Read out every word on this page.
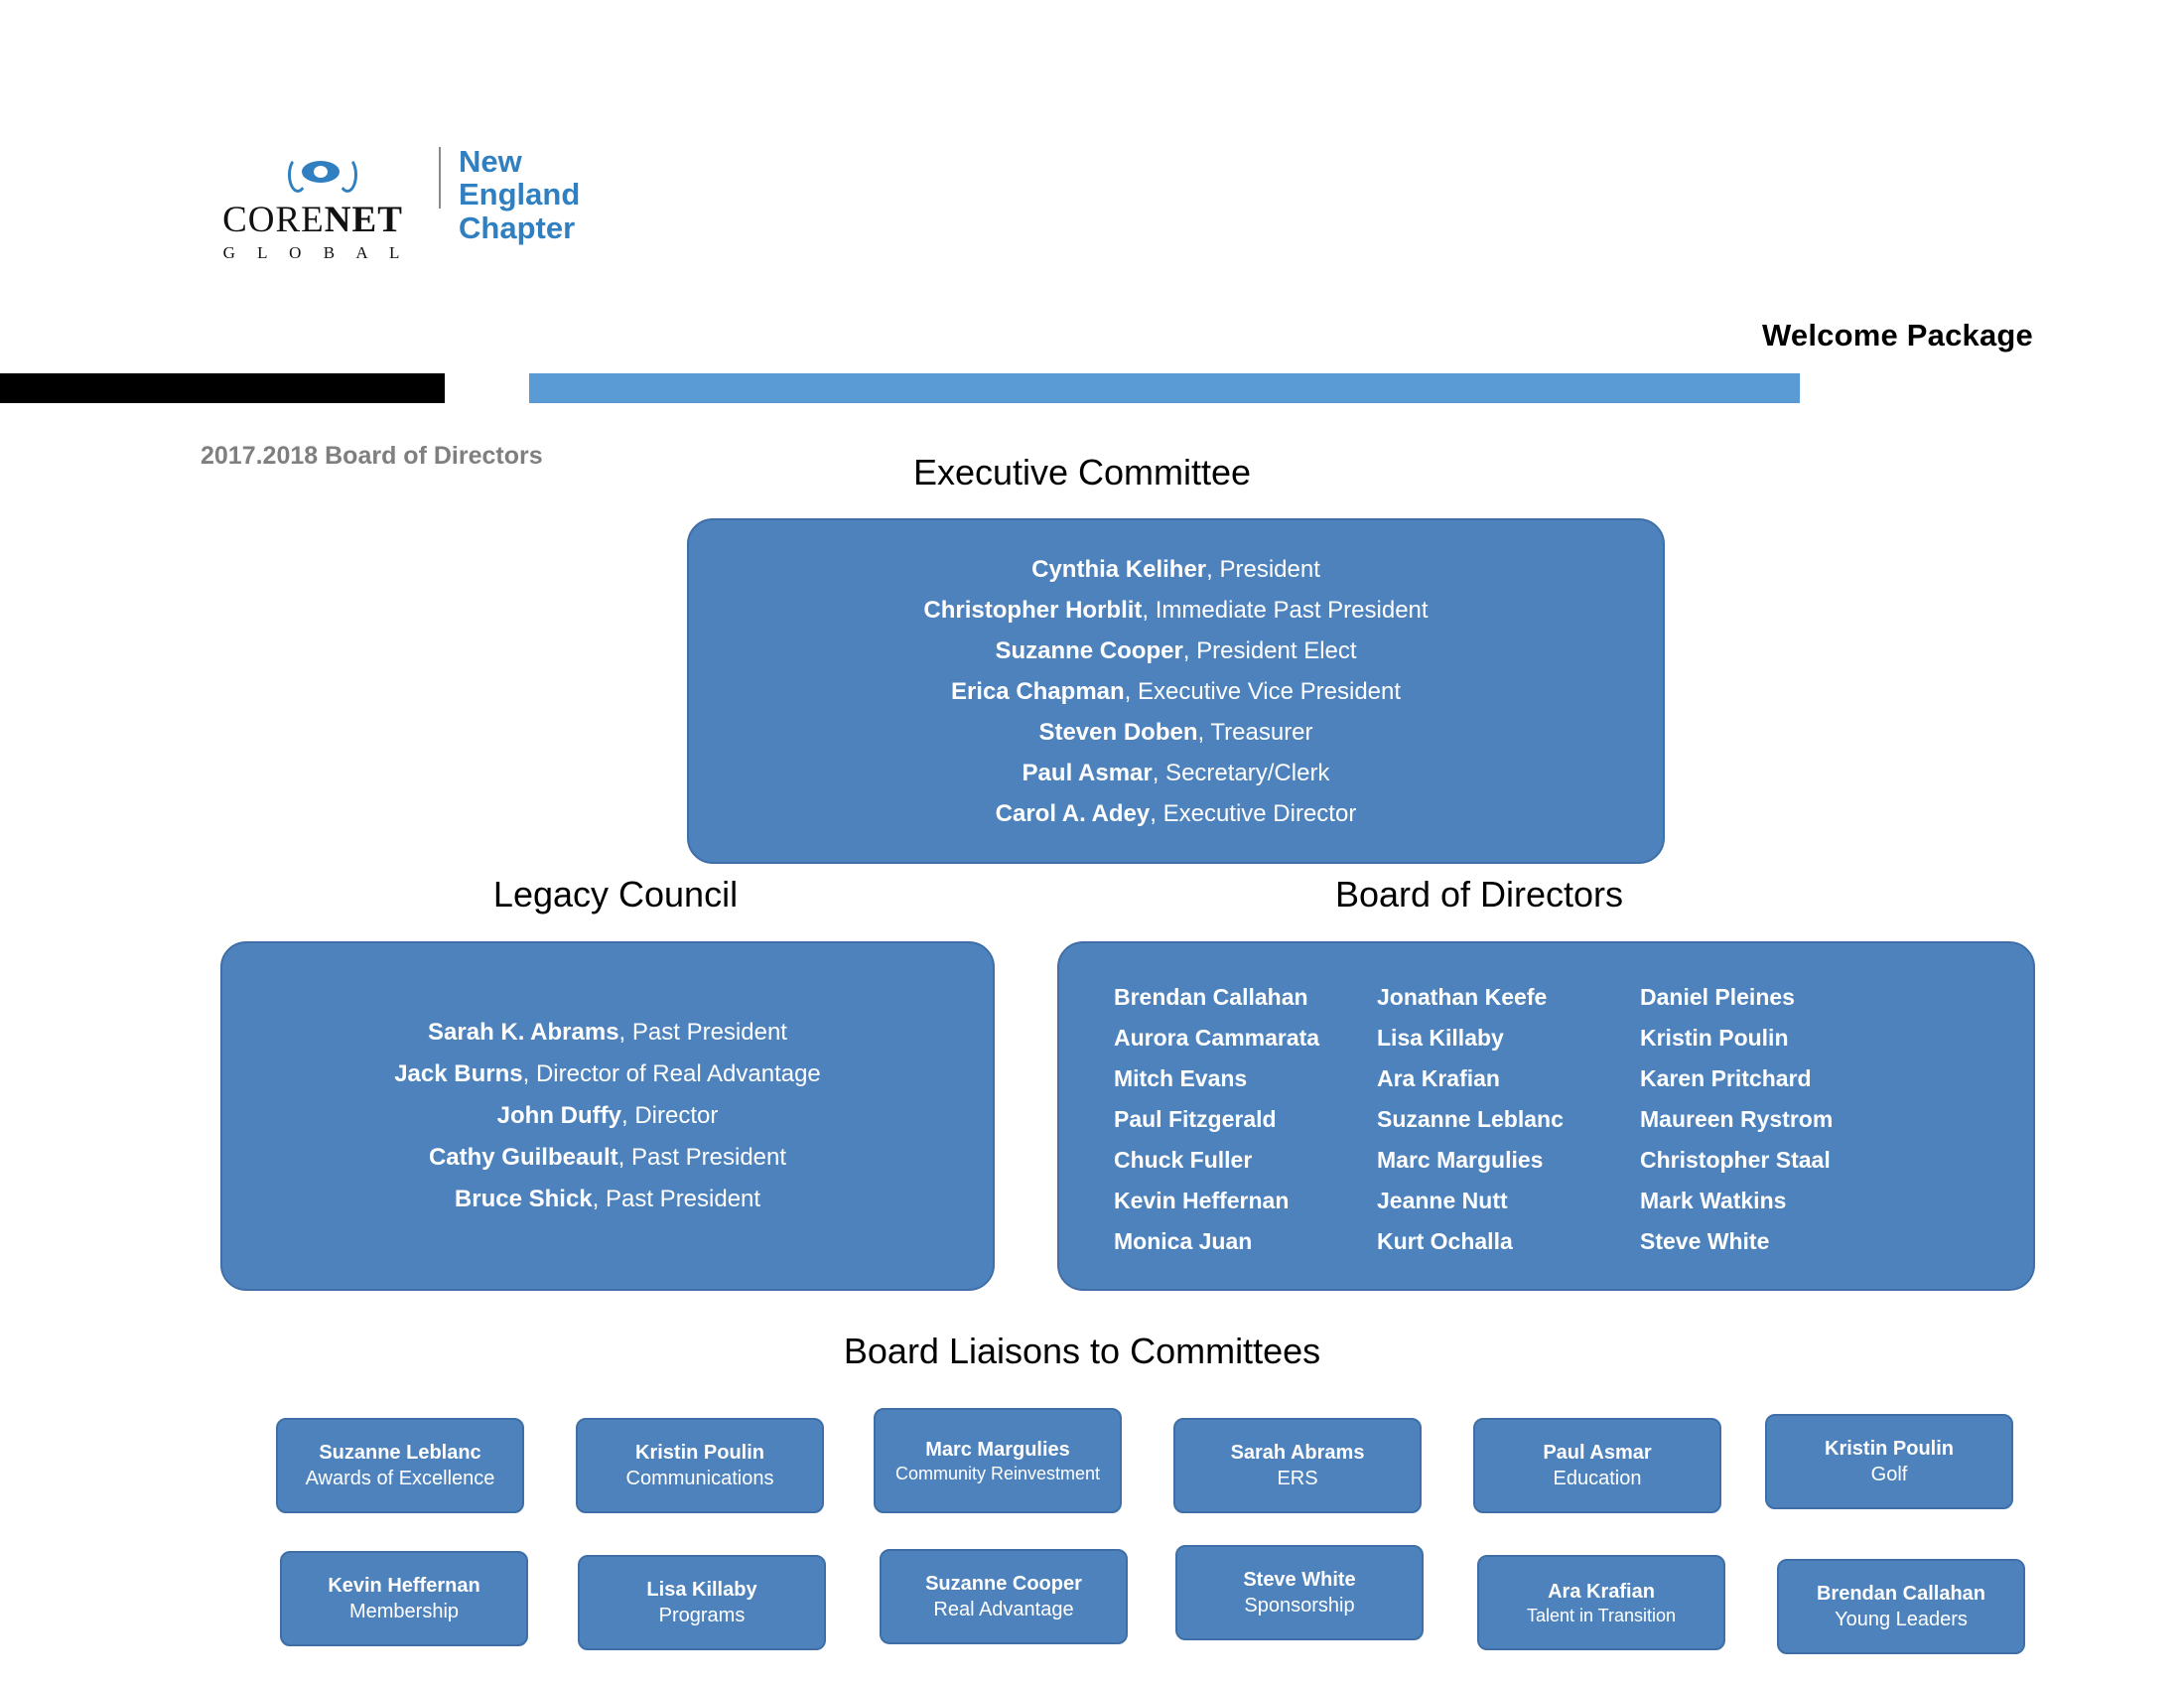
CORENET
G L O B A L
New England
Chapter
Welcome Package
2017.2018 Board of Directors	Executive Committee
Cynthia Keliher, President
Christopher Horblit, Immediate Past President
Suzanne Cooper, President Elect
Erica Chapman, Executive Vice President
Steven Doben, Treasurer
Paul Asmar, Secretary/Clerk
Carol A. Adey, Executive Director
Legacy Council
Sarah K. Abrams, Past President
Jack Burns, Director of Real Advantage
John Duffy, Director
Cathy Guilbeault, Past President
Bruce Shick, Past President
Board of Directors
Brendan Callahan
Aurora Cammarata
Mitch Evans
Paul Fitzgerald
Chuck Fuller
Kevin Heffernan
Monica Juan
Jonathan Keefe
Lisa Killaby
Ara Krafian
Suzanne Leblanc
Marc Margulies
Jeanne Nutt
Kurt Ochalla
Daniel Pleines
Kristin Poulin
Karen Pritchard
Maureen Rystrom
Christopher Staal
Mark Watkins
Steve White
Board Liaisons to Committees
Suzanne Leblanc
Awards of Excellence
Kristin Poulin
Communications
Marc Margulies
Community Reinvestment
Sarah Abrams
ERS
Paul Asmar
Education
Kristin Poulin
Golf
Kevin Heffernan
Membership
Lisa Killaby
Programs
Suzanne Cooper
Real Advantage
Steve White
Sponsorship
Ara Krafian
Talent in Transition
Brendan Callahan
Young Leaders
